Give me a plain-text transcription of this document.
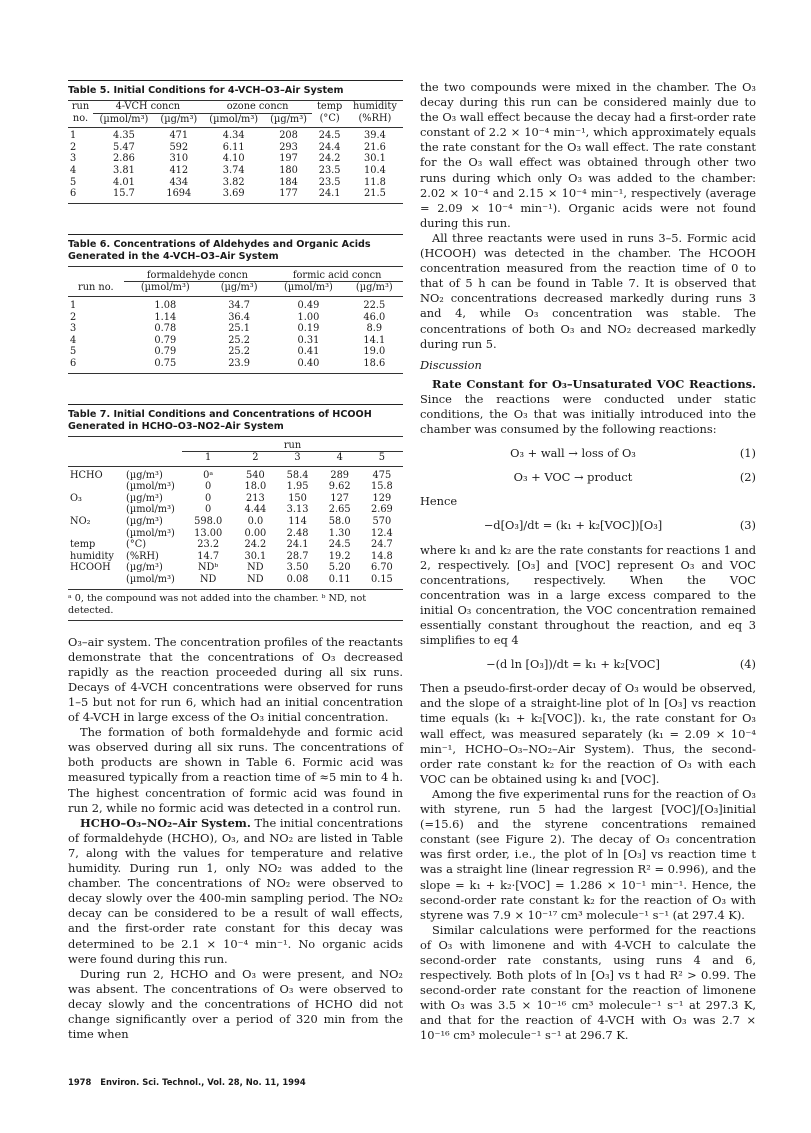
Table 5. Initial Conditions for 4-VCH–O3–Air System
run	4-VCH concn		ozone concn		temp	humidity
no.	(µmol/m³)	(µg/m³)	(µmol/m³)	(µg/m³)	(°C)	(%RH)

1	4.35	471	4.34	208	24.5	39.4
2	5.47	592	6.11	293	24.4	21.6
3	2.86	310	4.10	197	24.2	30.1
4	3.81	412	3.74	180	23.5	10.4
5	4.01	434	3.82	184	23.5	11.8
6	15.7	1694	3.69	177	24.1	21.5
Table 6. Concentrations of Aldehydes and Organic Acids Generated in the 4-VCH–O3–Air System
	formaldehyde concn		formic acid concn	
run no.	(µmol/m³)	(µg/m³)	(µmol/m³)	(µg/m³)

1	1.08	34.7	0.49	22.5
2	1.14	36.4	1.00	46.0
3	0.78	25.1	0.19	8.9
4	0.79	25.2	0.31	14.1
5	0.79	25.2	0.41	19.0
6	0.75	23.9	0.40	18.6
Table 7. Initial Conditions and Concentrations of HCOOH Generated in HCHO–O3–NO2–Air System
		run				
		1	2	3	4	5

HCHO	(µg/m³)	0ᵃ	540	58.4	289	475
	(µmol/m³)	0	18.0	1.95	9.62	15.8
O₃	(µg/m³)	0	213	150	127	129
	(µmol/m³)	0	4.44	3.13	2.65	2.69
NO₂	(µg/m³)	598.0	0.0	114	58.0	570
	(µmol/m³)	13.00	0.00	2.48	1.30	12.4
temp	(°C)	23.2	24.2	24.1	24.5	24.7
humidity	(%RH)	14.7	30.1	28.7	19.2	14.8
HCOOH	(µg/m³)	NDᵇ	ND	3.50	5.20	6.70
	(µmol/m³)	ND	ND	0.08	0.11	0.15
ᵃ 0, the compound was not added into the chamber. ᵇ ND, not detected.

O₃–air system. The concentration profiles of the reactants demonstrate that the concentrations of O₃ decreased rapidly as the reaction proceeded during all six runs. Decays of 4-VCH concentrations were observed for runs 1–5 but not for run 6, which had an initial concentration of 4-VCH in large excess of the O₃ initial concentration.

The formation of both formaldehyde and formic acid was observed during all six runs. The concentrations of both products are shown in Table 6. Formic acid was measured typically from a reaction time of ≈5 min to 4 h. The highest concentration of formic acid was found in run 2, while no formic acid was detected in a control run.

HCHO–O₃–NO₂–Air System. The initial concentrations of formaldehyde (HCHO), O₃, and NO₂ are listed in Table 7, along with the values for temperature and relative humidity. During run 1, only NO₂ was added to the chamber. The concentrations of NO₂ were observed to decay slowly over the 400-min sampling period. The NO₂ decay can be considered to be a result of wall effects, and the first-order rate constant for this decay was determined to be 2.1 × 10⁻⁴ min⁻¹. No organic acids were found during this run.

During run 2, HCHO and O₃ were present, and NO₂ was absent. The concentrations of O₃ were observed to decay slowly and the concentrations of HCHO did not change significantly over a period of 320 min from the time when

the two compounds were mixed in the chamber. The O₃ decay during this run can be considered mainly due to the O₃ wall effect because the decay had a first-order rate constant of 2.2 × 10⁻⁴ min⁻¹, which approximately equals the rate constant for the O₃ wall effect. The rate constant for the O₃ wall effect was obtained through other two runs during which only O₃ was added to the chamber: 2.02 × 10⁻⁴ and 2.15 × 10⁻⁴ min⁻¹, respectively (average = 2.09 × 10⁻⁴ min⁻¹). Organic acids were not found during this run.

All three reactants were used in runs 3–5. Formic acid (HCOOH) was detected in the chamber. The HCOOH concentration measured from the reaction time of 0 to that of 5 h can be found in Table 7. It is observed that NO₂ concentrations decreased markedly during runs 3 and 4, while O₃ concentration was stable. The concentrations of both O₃ and NO₂ decreased markedly during run 5.

Discussion

Rate Constant for O₃–Unsaturated VOC Reactions. Since the reactions were conducted under static conditions, the O₃ that was initially introduced into the chamber was consumed by the following reactions:

O₃ + wall → loss of O₃	(1)
O₃ + VOC → product	(2)

Hence

−d[O₃]/dt = (k₁ + k₂[VOC])[O₃]	(3)

where k₁ and k₂ are the rate constants for reactions 1 and 2, respectively. [O₃] and [VOC] represent O₃ and VOC concentrations, respectively. When the VOC concentration was in a large excess compared to the initial O₃ concentration, the VOC concentration remained essentially constant throughout the reaction, and eq 3 simplifies to eq 4

−(d ln [O₃])/dt = k₁ + k₂[VOC]	(4)

Then a pseudo-first-order decay of O₃ would be observed, and the slope of a straight-line plot of ln [O₃] vs reaction time equals (k₁ + k₂[VOC]). k₁, the rate constant for O₃ wall effect, was measured separately (k₁ = 2.09 × 10⁻⁴ min⁻¹, HCHO–O₃–NO₂–Air System). Thus, the second-order rate constant k₂ for the reaction of O₃ with each VOC can be obtained using k₁ and [VOC].

Among the five experimental runs for the reaction of O₃ with styrene, run 5 had the largest [VOC]/[O₃]initial (=15.6) and the styrene concentrations remained constant (see Figure 2). The decay of O₃ concentration was first order, i.e., the plot of ln [O₃] vs reaction time t was a straight line (linear regression R² = 0.996), and the slope = k₁ + k₂·[VOC] = 1.286 × 10⁻¹ min⁻¹. Hence, the second-order rate constant k₂ for the reaction of O₃ with styrene was 7.9 × 10⁻¹⁷ cm³ molecule⁻¹ s⁻¹ (at 297.4 K).

Similar calculations were performed for the reactions of O₃ with limonene and with 4-VCH to calculate the second-order rate constants, using runs 4 and 6, respectively. Both plots of ln [O₃] vs t had R² > 0.99. The second-order rate constant for the reaction of limonene with O₃ was 3.5 × 10⁻¹⁶ cm³ molecule⁻¹ s⁻¹ at 297.3 K, and that for the reaction of 4-VCH with O₃ was 2.7 × 10⁻¹⁶ cm³ molecule⁻¹ s⁻¹ at 296.7 K.

1978 Environ. Sci. Technol., Vol. 28, No. 11, 1994
